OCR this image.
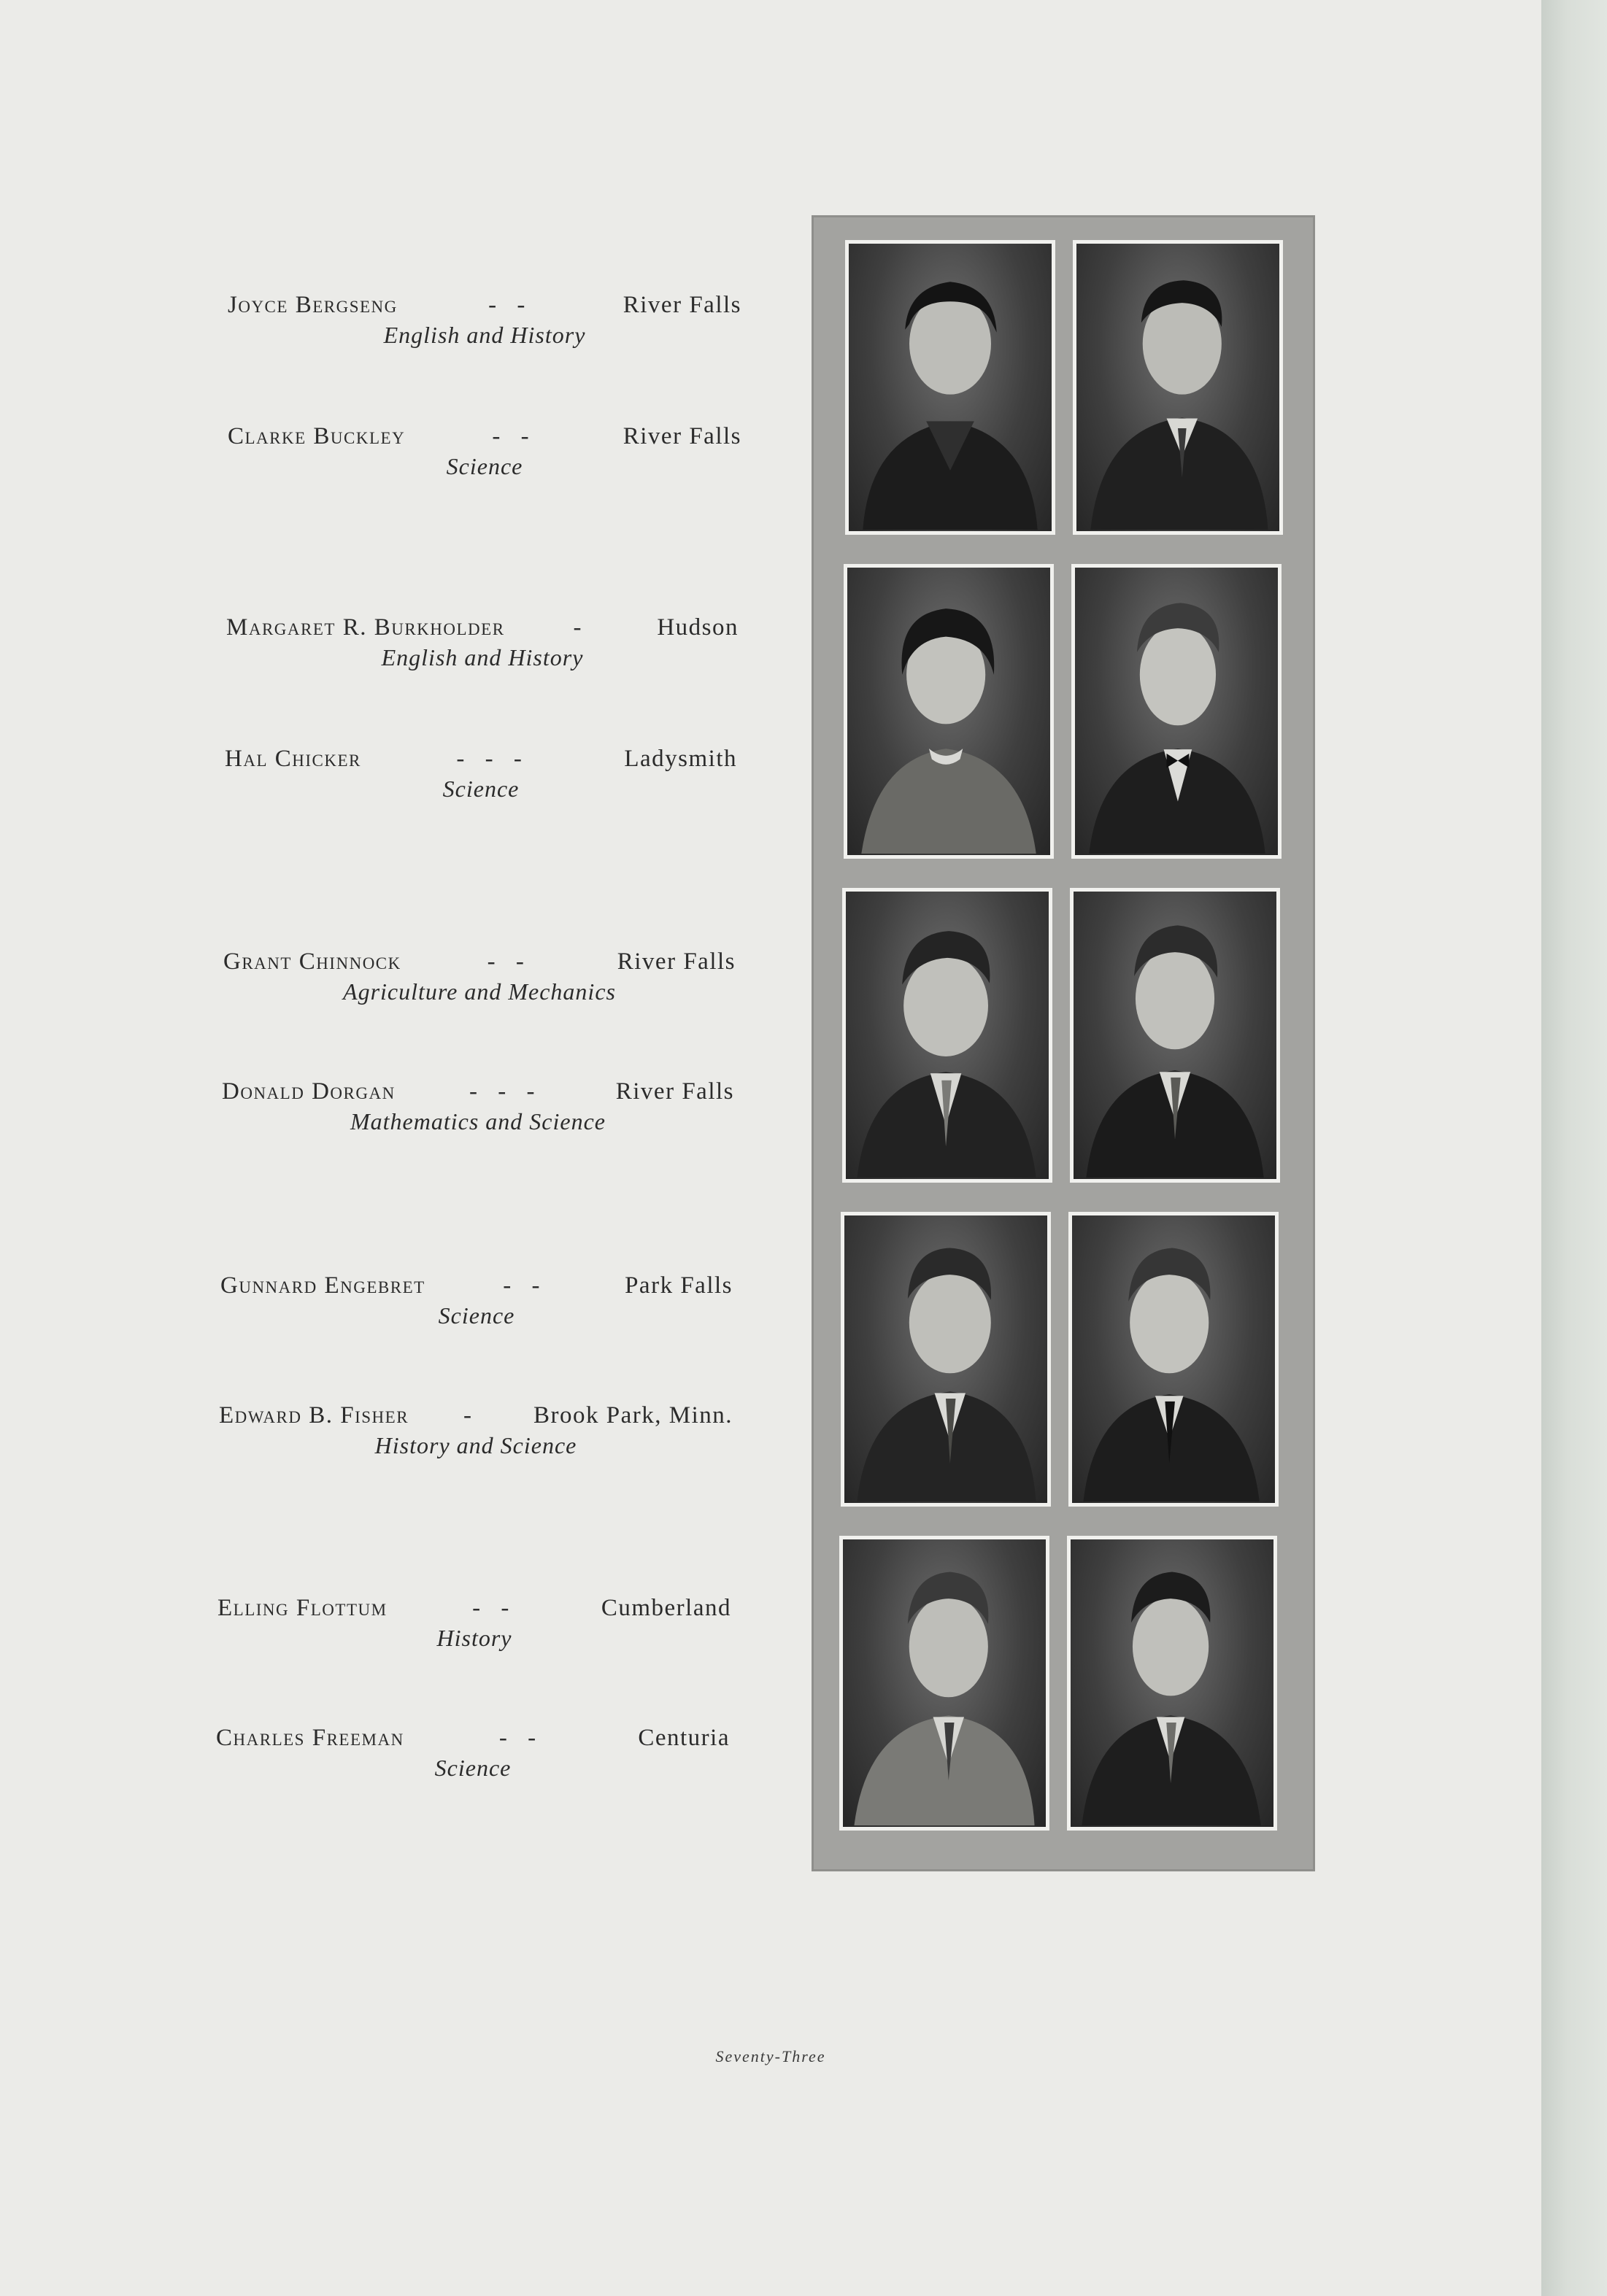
Joyce Bergseng	- -	River Falls
English and History
Clarke Buckley	- -	River Falls
Science
Margaret R. Burkholder	-	Hudson
English and History
Hal Chicker	- - -	Ladysmith
Science
Grant Chinnock	- -	River Falls
Agriculture and Mechanics
Donald Dorgan	- - -	River Falls
Mathematics and Science
Gunnard Engebret	- -	Park Falls
Science
Edward B. Fisher	-	Brook Park, Minn.
History and Science
Elling Flottum	- -	Cumberland
History
Charles Freeman	- -	Centuria
Science
Seventy-Three
